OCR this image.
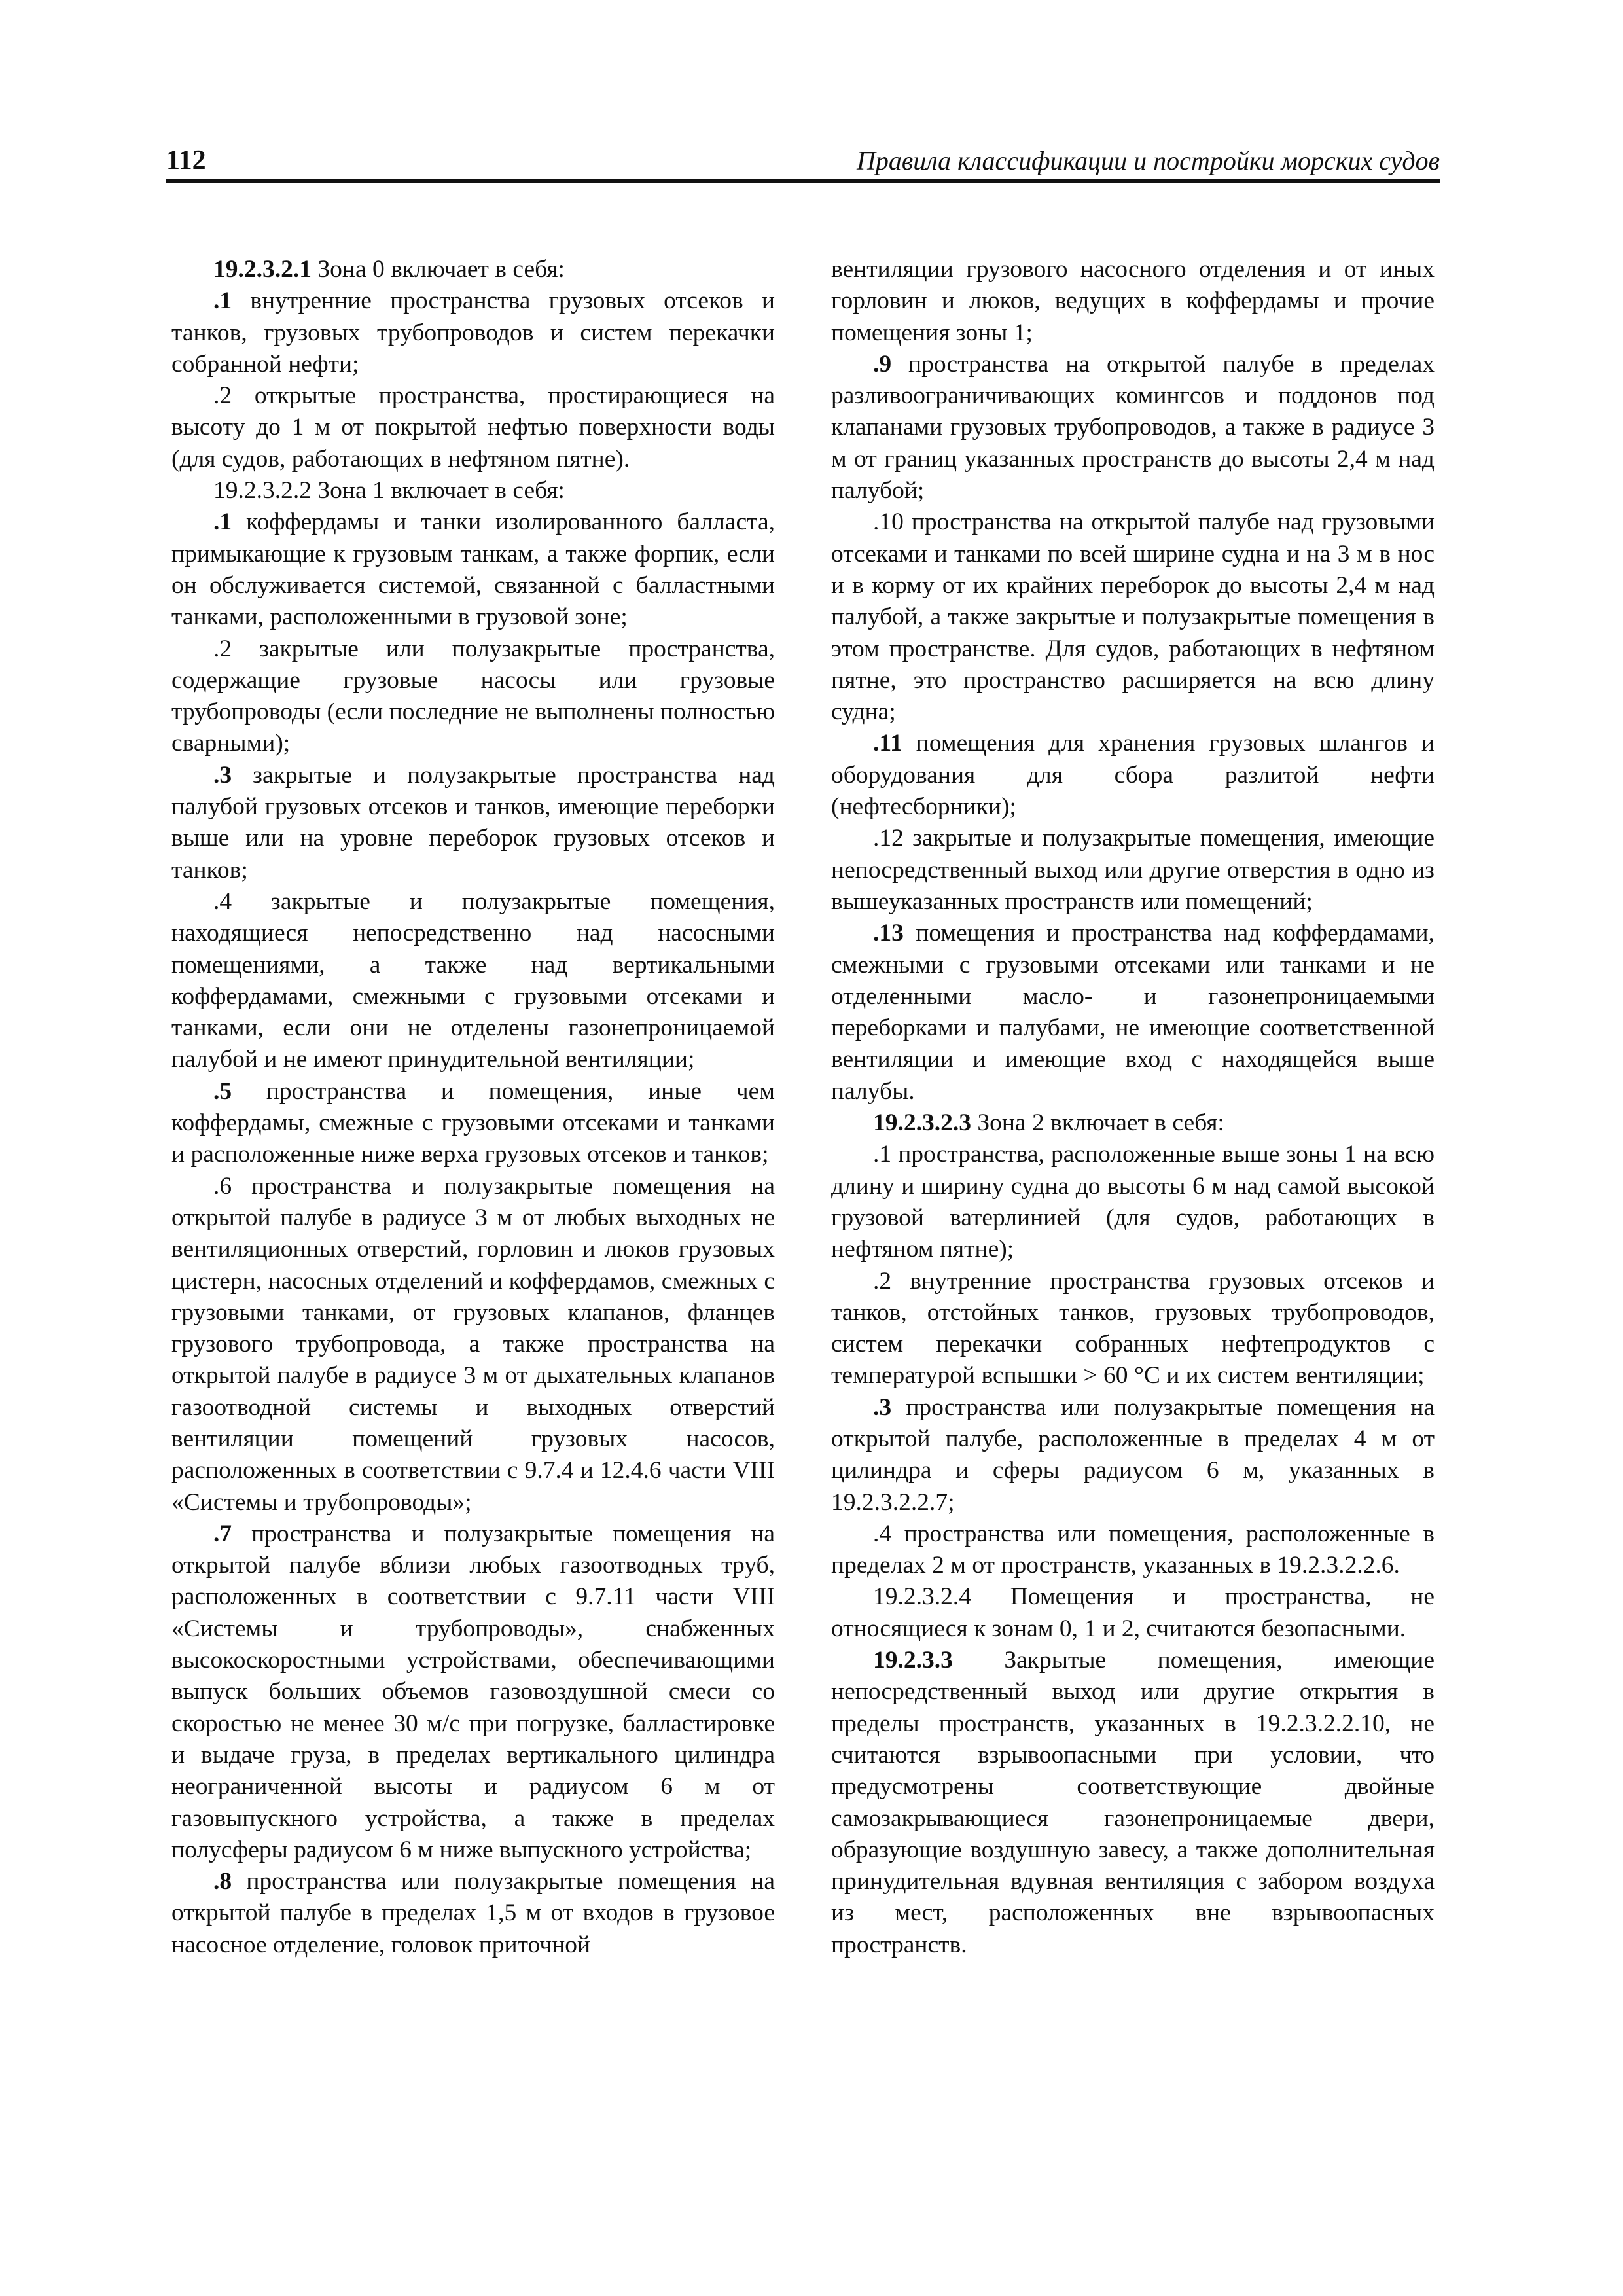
112	Правила классификации и постройки морских судов

19.2.3.2.1 Зона 0 включает в себя:

.1 внутренние пространства грузовых отсеков и танков, грузовых трубопроводов и систем перекачки собранной нефти;

.2 открытые пространства, простирающиеся на высоту до 1 м от покрытой нефтью поверхности воды (для судов, работающих в нефтяном пятне).

19.2.3.2.2 Зона 1 включает в себя:

.1 коффердамы и танки изолированного балласта, примыкающие к грузовым танкам, а также форпик, если он обслуживается системой, связанной с балластными танками, расположенными в грузовой зоне;

.2 закрытые или полузакрытые пространства, содержащие грузовые насосы или грузовые трубопроводы (если последние не выполнены полностью сварными);

.3 закрытые и полузакрытые пространства над палубой грузовых отсеков и танков, имеющие переборки выше или на уровне переборок грузовых отсеков и танков;

.4 закрытые и полузакрытые помещения, находящиеся непосредственно над насосными помещениями, а также над вертикальными коффердамами, смежными с грузовыми отсеками и танками, если они не отделены газонепроницаемой палубой и не имеют принудительной вентиляции;

.5 пространства и помещения, иные чем коффердамы, смежные с грузовыми отсеками и танками и расположенные ниже верха грузовых отсеков и танков;

.6 пространства и полузакрытые помещения на открытой палубе в радиусе 3 м от любых выходных не вентиляционных отверстий, горловин и люков грузовых цистерн, насосных отделений и коффердамов, смежных с грузовыми танками, от грузовых клапанов, фланцев грузового трубопровода, а также пространства на открытой палубе в радиусе 3 м от дыхательных клапанов газоотводной системы и выходных отверстий вентиляции помещений грузовых насосов, расположенных в соответствии с 9.7.4 и 12.4.6 части VIII «Системы и трубопроводы»;

.7 пространства и полузакрытые помещения на открытой палубе вблизи любых газоотводных труб, расположенных в соответствии с 9.7.11 части VIII «Системы и трубопроводы», снабженных высокоскоростными устройствами, обеспечивающими выпуск больших объемов газовоздушной смеси со скоростью не менее 30 м/с при погрузке, балластировке и выдаче груза, в пределах вертикального цилиндра неограниченной высоты и радиусом 6 м от газовыпускного устройства, а также в пределах полусферы радиусом 6 м ниже выпускного устройства;

.8 пространства или полузакрытые помещения на открытой палубе в пределах 1,5 м от входов в грузовое насосное отделение, головок приточной

вентиляции грузового насосного отделения и от иных горловин и люков, ведущих в коффердамы и прочие помещения зоны 1;

.9 пространства на открытой палубе в пределах разливоограничивающих комингсов и поддонов под клапанами грузовых трубопроводов, а также в радиусе 3 м от границ указанных пространств до высоты 2,4 м над палубой;

.10 пространства на открытой палубе над грузовыми отсеками и танками по всей ширине судна и на 3 м в нос и в корму от их крайних переборок до высоты 2,4 м над палубой, а также закрытые и полузакрытые помещения в этом пространстве. Для судов, работающих в нефтяном пятне, это пространство расширяется на всю длину судна;

.11 помещения для хранения грузовых шлангов и оборудования для сбора разлитой нефти (нефтесборники);

.12 закрытые и полузакрытые помещения, имеющие непосредственный выход или другие отверстия в одно из вышеуказанных пространств или помещений;

.13 помещения и пространства над коффердамами, смежными с грузовыми отсеками или танками и не отделенными масло- и газонепроницаемыми переборками и палубами, не имеющие соответственной вентиляции и имеющие вход с находящейся выше палубы.

19.2.3.2.3 Зона 2 включает в себя:

.1 пространства, расположенные выше зоны 1 на всю длину и ширину судна до высоты 6 м над самой высокой грузовой ватерлинией (для судов, работающих в нефтяном пятне);

.2 внутренние пространства грузовых отсеков и танков, отстойных танков, грузовых трубопроводов, систем перекачки собранных нефтепродуктов с температурой вспышки > 60 °С и их систем вентиляции;

.3 пространства или полузакрытые помещения на открытой палубе, расположенные в пределах 4 м от цилиндра и сферы радиусом 6 м, указанных в 19.2.3.2.2.7;

.4 пространства или помещения, расположенные в пределах 2 м от пространств, указанных в 19.2.3.2.2.6.

19.2.3.2.4 Помещения и пространства, не относящиеся к зонам 0, 1 и 2, считаются безопасными.

19.2.3.3 Закрытые помещения, имеющие непосредственный выход или другие открытия в пределы пространств, указанных в 19.2.3.2.2.10, не считаются взрывоопасными при условии, что предусмотрены соответствующие двойные самозакрывающиеся газонепроницаемые двери, образующие воздушную завесу, а также дополнительная принудительная вдувная вентиляция с забором воздуха из мест, расположенных вне взрывоопасных пространств.
